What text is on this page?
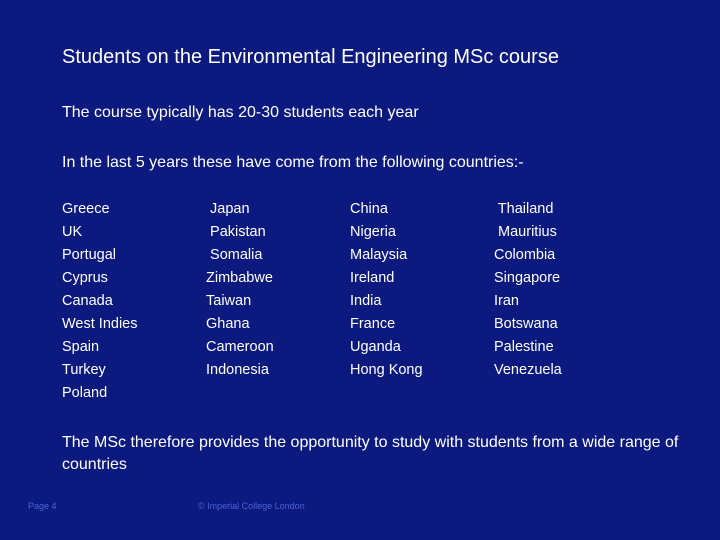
Students on the Environmental Engineering MSc course
The course typically has 20-30 students each year
In the last 5 years these have come from the following countries:-
Greece
UK
Portugal
Cyprus
Canada
West Indies
Spain
Turkey
Poland
Japan
Pakistan
Somalia
Zimbabwe
Taiwan
Ghana
Cameroon
Indonesia
China
Nigeria
Malaysia
Ireland
India
France
Uganda
Hong Kong
Thailand
Mauritius
Colombia
Singapore
Iran
Botswana
Palestine
Venezuela
The MSc therefore provides the opportunity to study with students from a wide range of countries
Page 4	© Imperial College London
